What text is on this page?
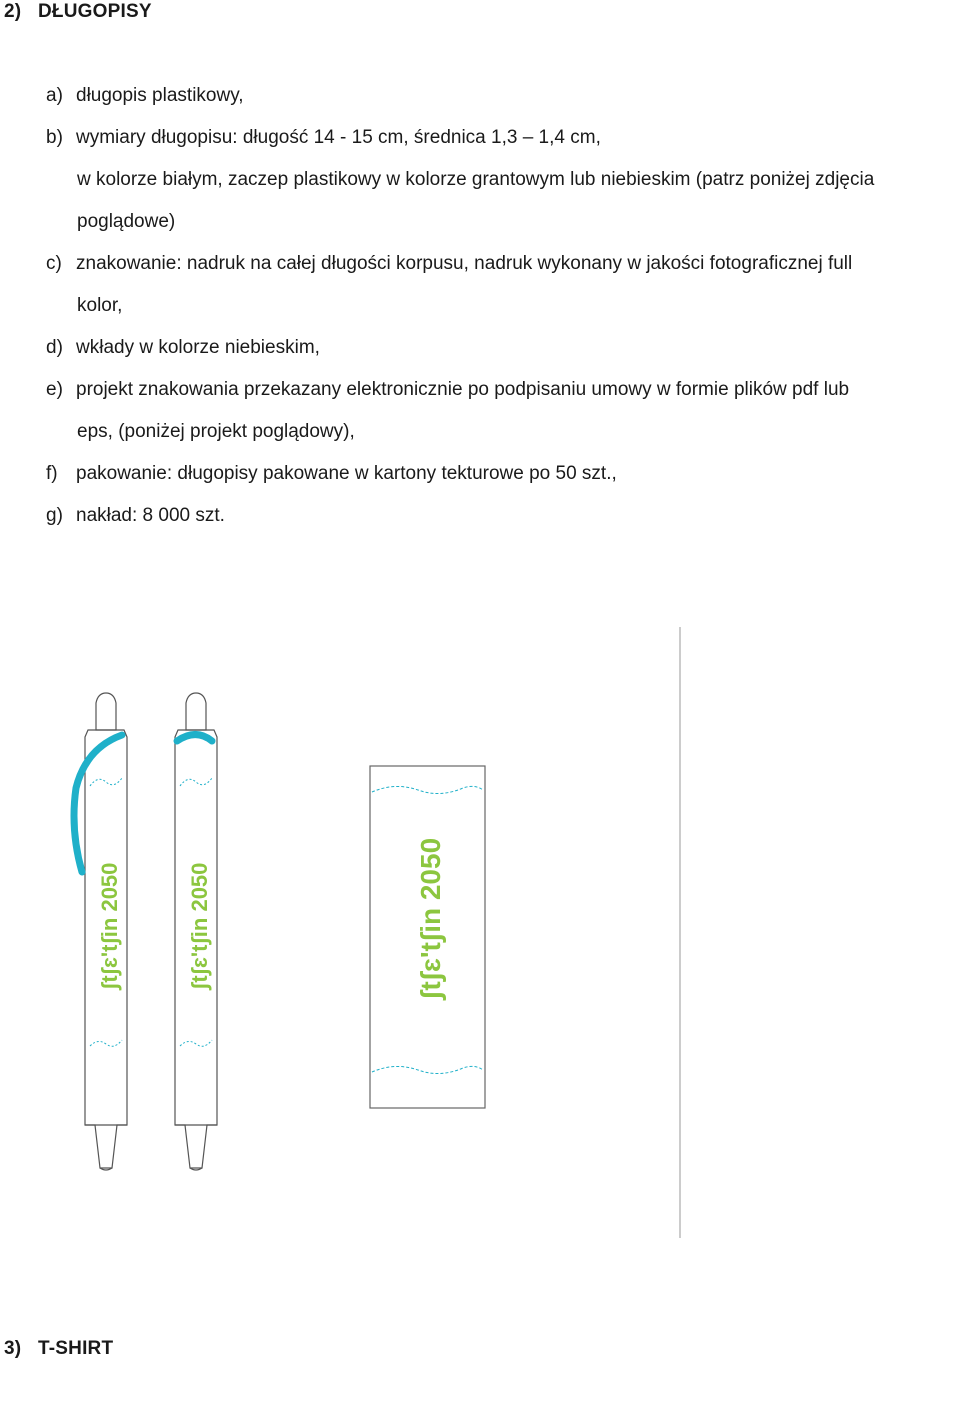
2) DŁUGOPISY
a) długopis plastikowy,
b) wymiary długopisu: długość 14 - 15 cm, średnica 1,3 – 1,4 cm,
w kolorze białym, zaczep plastikowy w kolorze grantowym lub niebieskim (patrz poniżej zdjęcia
poglądowe)
c) znakowanie: nadruk na całej długości korpusu, nadruk wykonany w jakości fotograficznej full
kolor,
d) wkłady w kolorze niebieskim,
e) projekt znakowania przekazany elektronicznie po podpisaniu umowy w formie plików pdf lub
eps, (poniżej projekt poglądowy),
f) pakowanie: długopisy pakowane w kartony tekturowe po 50 szt.,
g) nakład: 8 000 szt.
ʃtʃɛ'tʃin 2050	ʃtʃɛ'tʃin 2050	ʃtʃɛ'tʃin 2050
3) T-SHIRT
